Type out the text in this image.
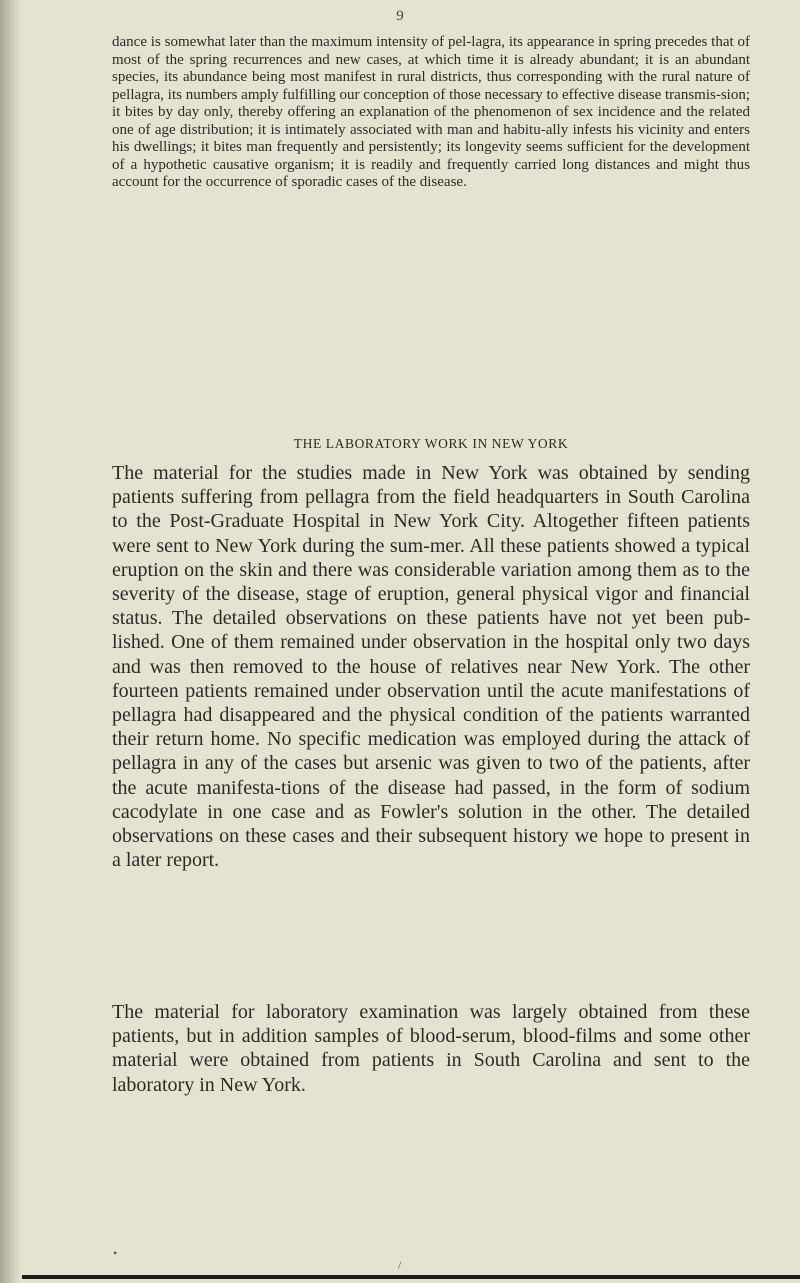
9

dance is somewhat later than the maximum intensity of pel-lagra, its appearance in spring precedes that of most of the spring recurrences and new cases, at which time it is already abundant; it is an abundant species, its abundance being most manifest in rural districts, thus corresponding with the rural nature of pellagra, its numbers amply fulfilling our conception of those necessary to effective disease transmis-sion; it bites by day only, thereby offering an explanation of the phenomenon of sex incidence and the related one of age distribution; it is intimately associated with man and habitu-ally infests his vicinity and enters his dwellings; it bites man frequently and persistently; its longevity seems sufficient for the development of a hypothetic causative organism; it is readily and frequently carried long distances and might thus account for the occurrence of sporadic cases of the disease.

THE LABORATORY WORK IN NEW YORK

The material for the studies made in New York was obtained by sending patients suffering from pellagra from the field headquarters in South Carolina to the Post-Graduate Hospital in New York City. Altogether fifteen patients were sent to New York during the sum-mer. All these patients showed a typical eruption on the skin and there was considerable variation among them as to the severity of the disease, stage of eruption, general physical vigor and financial status. The detailed observations on these patients have not yet been pub-lished. One of them remained under observation in the hospital only two days and was then removed to the house of relatives near New York. The other fourteen patients remained under observation until the acute manifestations of pellagra had disappeared and the physical condition of the patients warranted their return home. No specific medication was employed during the attack of pellagra in any of the cases but arsenic was given to two of the patients, after the acute manifesta-tions of the disease had passed, in the form of sodium cacodylate in one case and as Fowler's solution in the other. The detailed observations on these cases and their subsequent history we hope to present in a later report.

The material for laboratory examination was largely obtained from these patients, but in addition samples of blood-serum, blood-films and some other material were obtained from patients in South Carolina and sent to the laboratory in New York.

•
/
